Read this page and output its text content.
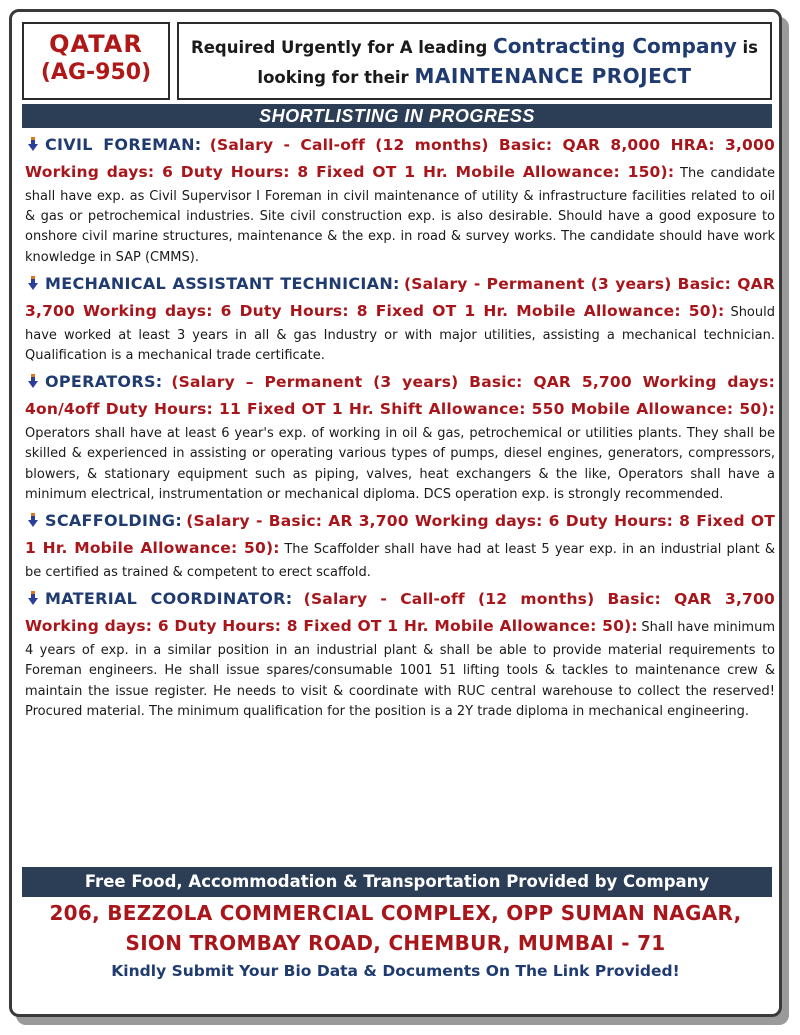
QATAR
(AG-950)
Required Urgently for A leading Contracting Company is
looking for their MAINTENANCE PROJECT
SHORTLISTING IN PROGRESS
CIVIL FOREMAN: (Salary - Call-off (12 months) Basic: QAR 8,000 HRA: 3,000 Working days: 6 Duty Hours: 8 Fixed OT 1 Hr. Mobile Allowance: 150): The candidate shall have exp. as Civil Supervisor I Foreman in civil maintenance of utility & infrastructure facilities related to oil & gas or petrochemical industries. Site civil construction exp. is also desirable. Should have a good exposure to onshore civil marine structures, maintenance & the exp. in road & survey works. The candidate should have work knowledge in SAP (CMMS).
MECHANICAL ASSISTANT TECHNICIAN: (Salary - Permanent (3 years) Basic: QAR 3,700 Working days: 6 Duty Hours: 8 Fixed OT 1 Hr. Mobile Allowance: 50): Should have worked at least 3 years in all & gas Industry or with major utilities, assisting a mechanical technician. Qualification is a mechanical trade certificate.
OPERATORS: (Salary – Permanent (3 years) Basic: QAR 5,700 Working days: 4on/4off Duty Hours: 11 Fixed OT 1 Hr. Shift Allowance: 550 Mobile Allowance: 50): Operators shall have at least 6 year's exp. of working in oil & gas, petrochemical or utilities plants. They shall be skilled & experienced in assisting or operating various types of pumps, diesel engines, generators, compressors, blowers, & stationary equipment such as piping, valves, heat exchangers & the like, Operators shall have a minimum electrical, instrumentation or mechanical diploma. DCS operation exp. is strongly recommended.
SCAFFOLDING: (Salary - Basic: AR 3,700 Working days: 6 Duty Hours: 8 Fixed OT 1 Hr. Mobile Allowance: 50): The Scaffolder shall have had at least 5 year exp. in an industrial plant & be certified as trained & competent to erect scaffold.
MATERIAL COORDINATOR: (Salary - Call-off (12 months) Basic: QAR 3,700 Working days: 6 Duty Hours: 8 Fixed OT 1 Hr. Mobile Allowance: 50): Shall have minimum 4 years of exp. in a similar position in an industrial plant & shall be able to provide material requirements to Foreman engineers. He shall issue spares/consumable 1001 51 lifting tools & tackles to maintenance crew & maintain the issue register. He needs to visit & coordinate with RUC central warehouse to collect the reserved! Procured material. The minimum qualification for the position is a 2Y trade diploma in mechanical engineering.
Free Food, Accommodation & Transportation Provided by Company
206, BEZZOLA COMMERCIAL COMPLEX, OPP SUMAN NAGAR,
SION TROMBAY ROAD, CHEMBUR, MUMBAI - 71
Kindly Submit Your Bio Data & Documents On The Link Provided!
